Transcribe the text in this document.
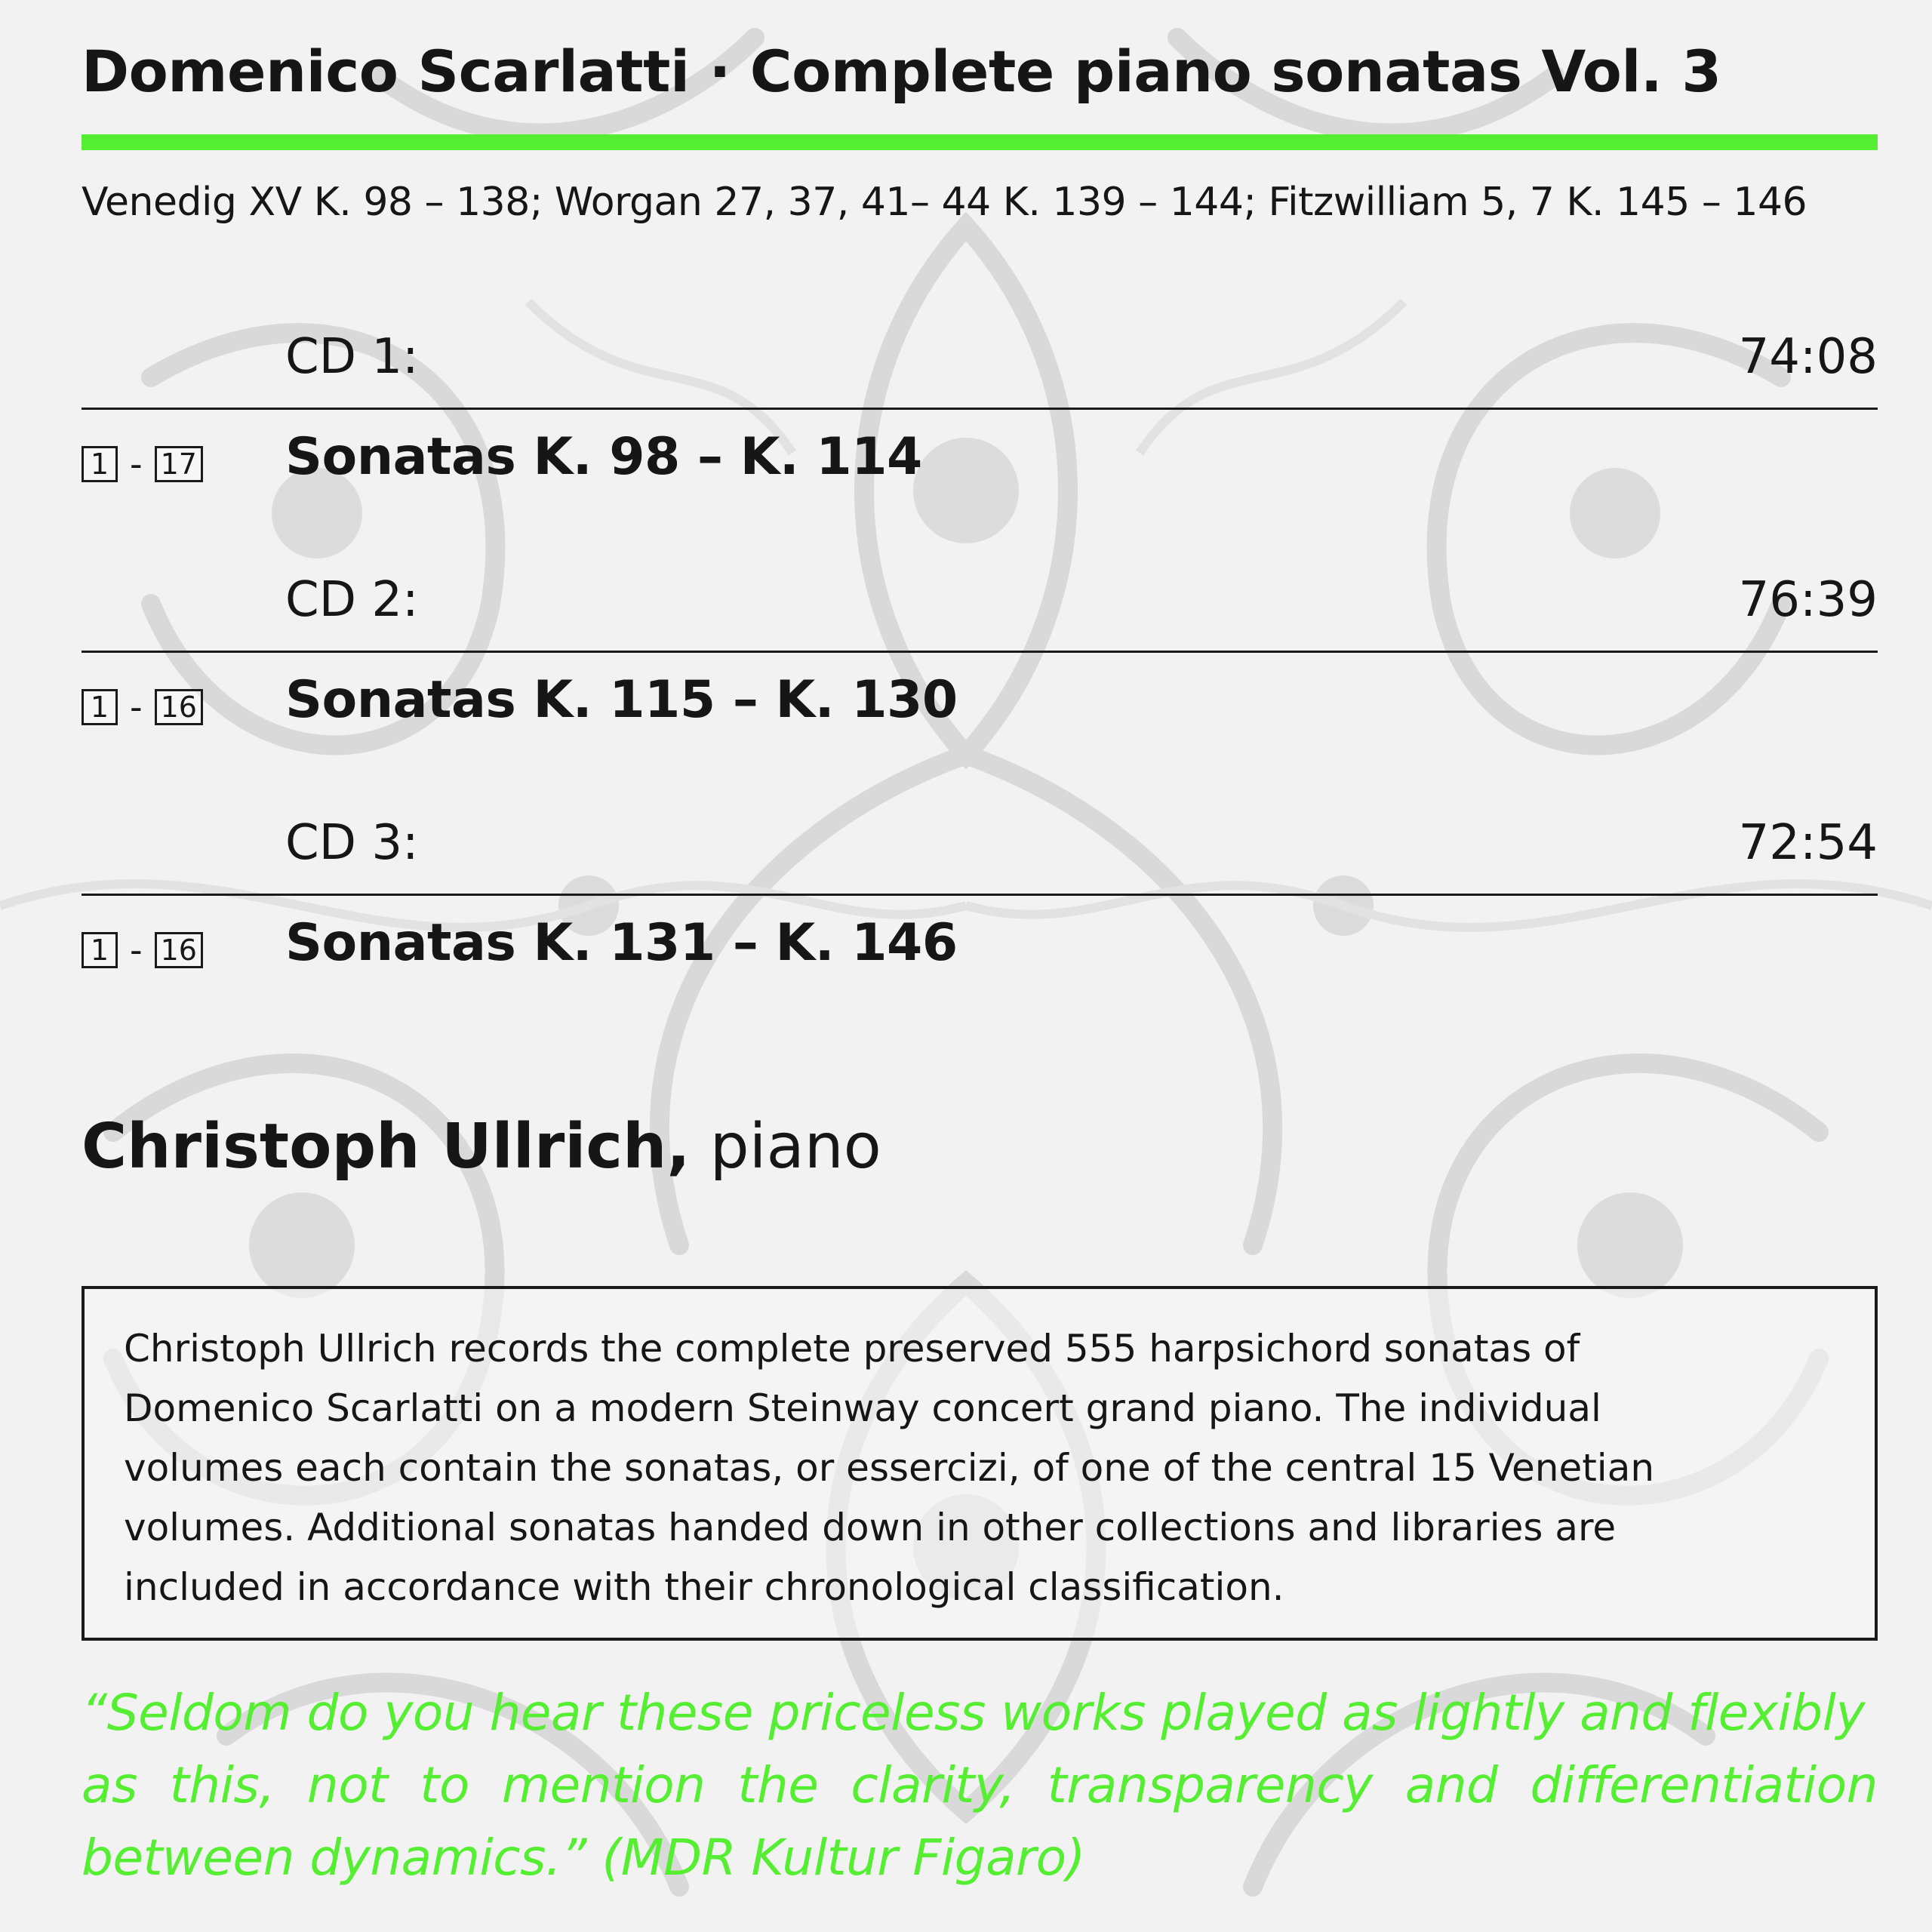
Domenico Scarlatti · Complete piano sonatas Vol. 3
Venedig XV K. 98 – 138; Worgan 27, 37, 41– 44 K. 139 – 144; Fitzwilliam 5, 7 K. 145 – 146
CD 1:	74:08
1 - 17 Sonatas K. 98 – K. 114
CD 2:	76:39
1 - 16 Sonatas K. 115 – K. 130
CD 3:	72:54
1 - 16 Sonatas K. 131 – K. 146
Christoph Ullrich, piano
Christoph Ullrich records the complete preserved 555 harpsichord sonatas of
Domenico Scarlatti on a modern Steinway concert grand piano. The individual
volumes each contain the sonatas, or essercizi, of one of the central 15 Venetian
volumes. Additional sonatas handed down in other collections and libraries are
included in accordance with their chronological classification.
“Seldom do you hear these priceless works played as lightly and flexibly
as this, not to mention the clarity, transparency and differentiation
between dynamics.” (MDR Kultur Figaro)
